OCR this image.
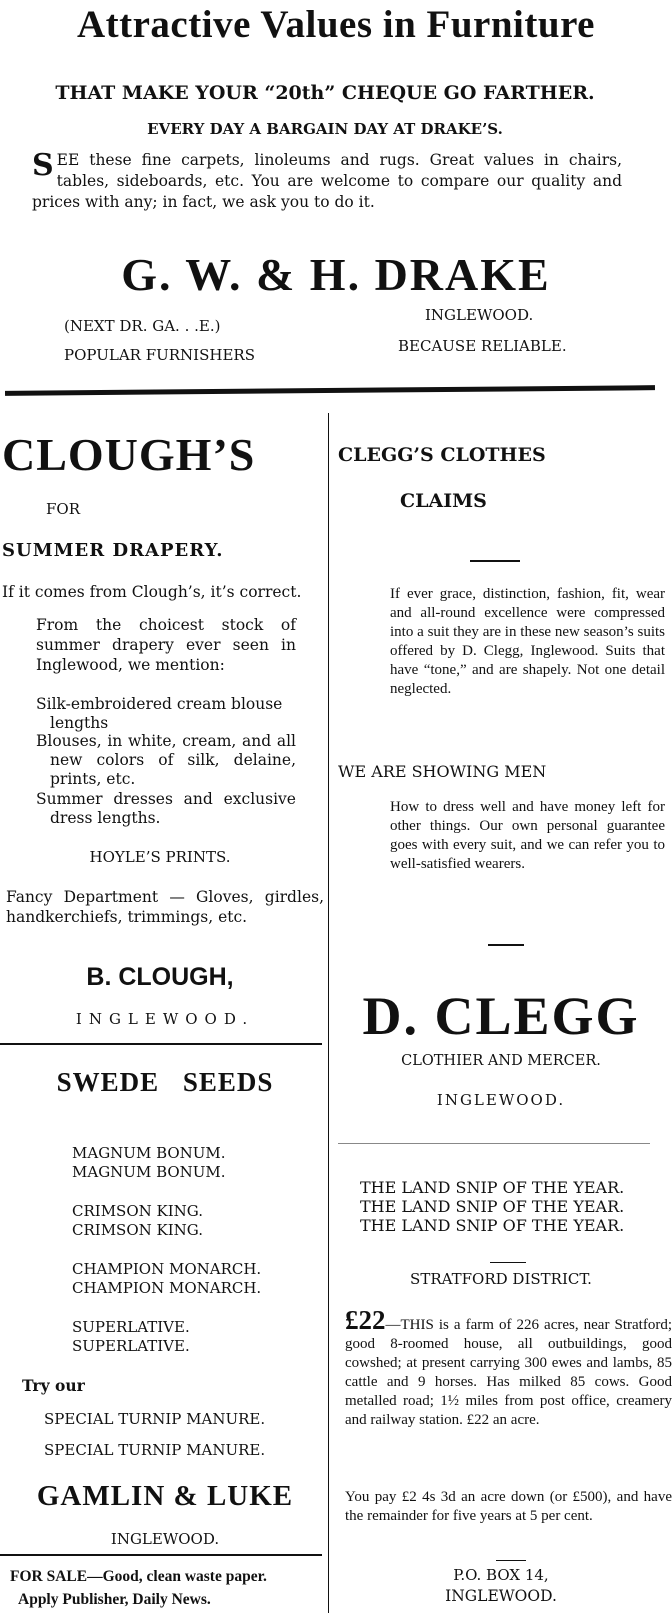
Attractive Values in Furniture
THAT MAKE YOUR “20th” CHEQUE GO FARTHER.
EVERY DAY A BARGAIN DAY AT DRAKE’S.
SEE these fine carpets, linoleums and rugs. Great values in chairs, tables, sideboards, etc. You are welcome to compare our quality and prices with any; in fact, we ask you to do it.
G. W. & H. DRAKE
(NEXT DR. GA. . .E.)
POPULAR FURNISHERS
INGLEWOOD.
BECAUSE RELIABLE.
CLOUGH’S
FOR
SUMMER DRAPERY.
If it comes from Clough’s, it’s correct.
From the choicest stock of summer drapery ever seen in Inglewood, we mention:
Silk-embroidered cream blouse lengths
Blouses, in white, cream, and all new colors of silk, delaine, prints, etc.
Summer dresses and exclusive dress lengths.
HOYLE’S PRINTS.
Fancy Department — Gloves, girdles, handkerchiefs, trimmings, etc.
B. CLOUGH,
INGLEWOOD.
SWEDE SEEDS
MAGNUM BONUM.
MAGNUM BONUM.
CRIMSON KING.
CRIMSON KING.
CHAMPION MONARCH.
CHAMPION MONARCH.
SUPERLATIVE.
SUPERLATIVE.
Try our
SPECIAL TURNIP MANURE.
SPECIAL TURNIP MANURE.
GAMLIN & LUKE
INGLEWOOD.
FOR SALE—Good, clean waste paper.
Apply Publisher, Daily News.
CLEGG’S CLOTHES
CLAIMS
If ever grace, distinction, fashion, fit, wear and all-round excellence were compressed into a suit they are in these new season’s suits offered by D. Clegg, Inglewood. Suits that have “tone,” and are shapely. Not one detail neglected.
WE ARE SHOWING MEN
How to dress well and have money left for other things. Our own personal guarantee goes with every suit, and we can refer you to well-satisfied wearers.
D. CLEGG
CLOTHIER AND MERCER.
INGLEWOOD.
THE LAND SNIP OF THE YEAR.
THE LAND SNIP OF THE YEAR.
THE LAND SNIP OF THE YEAR.
STRATFORD DISTRICT.
£22—THIS is a farm of 226 acres, near Stratford; good 8-roomed house, all outbuildings, good cowshed; at present carrying 300 ewes and lambs, 85 cattle and 9 horses. Has milked 85 cows. Good metalled road; 1½ miles from post office, creamery and railway station. £22 an acre.
You pay £2 4s 3d an acre down (or £500), and have the remainder for five years at 5 per cent.
P.O. BOX 14,
INGLEWOOD.
